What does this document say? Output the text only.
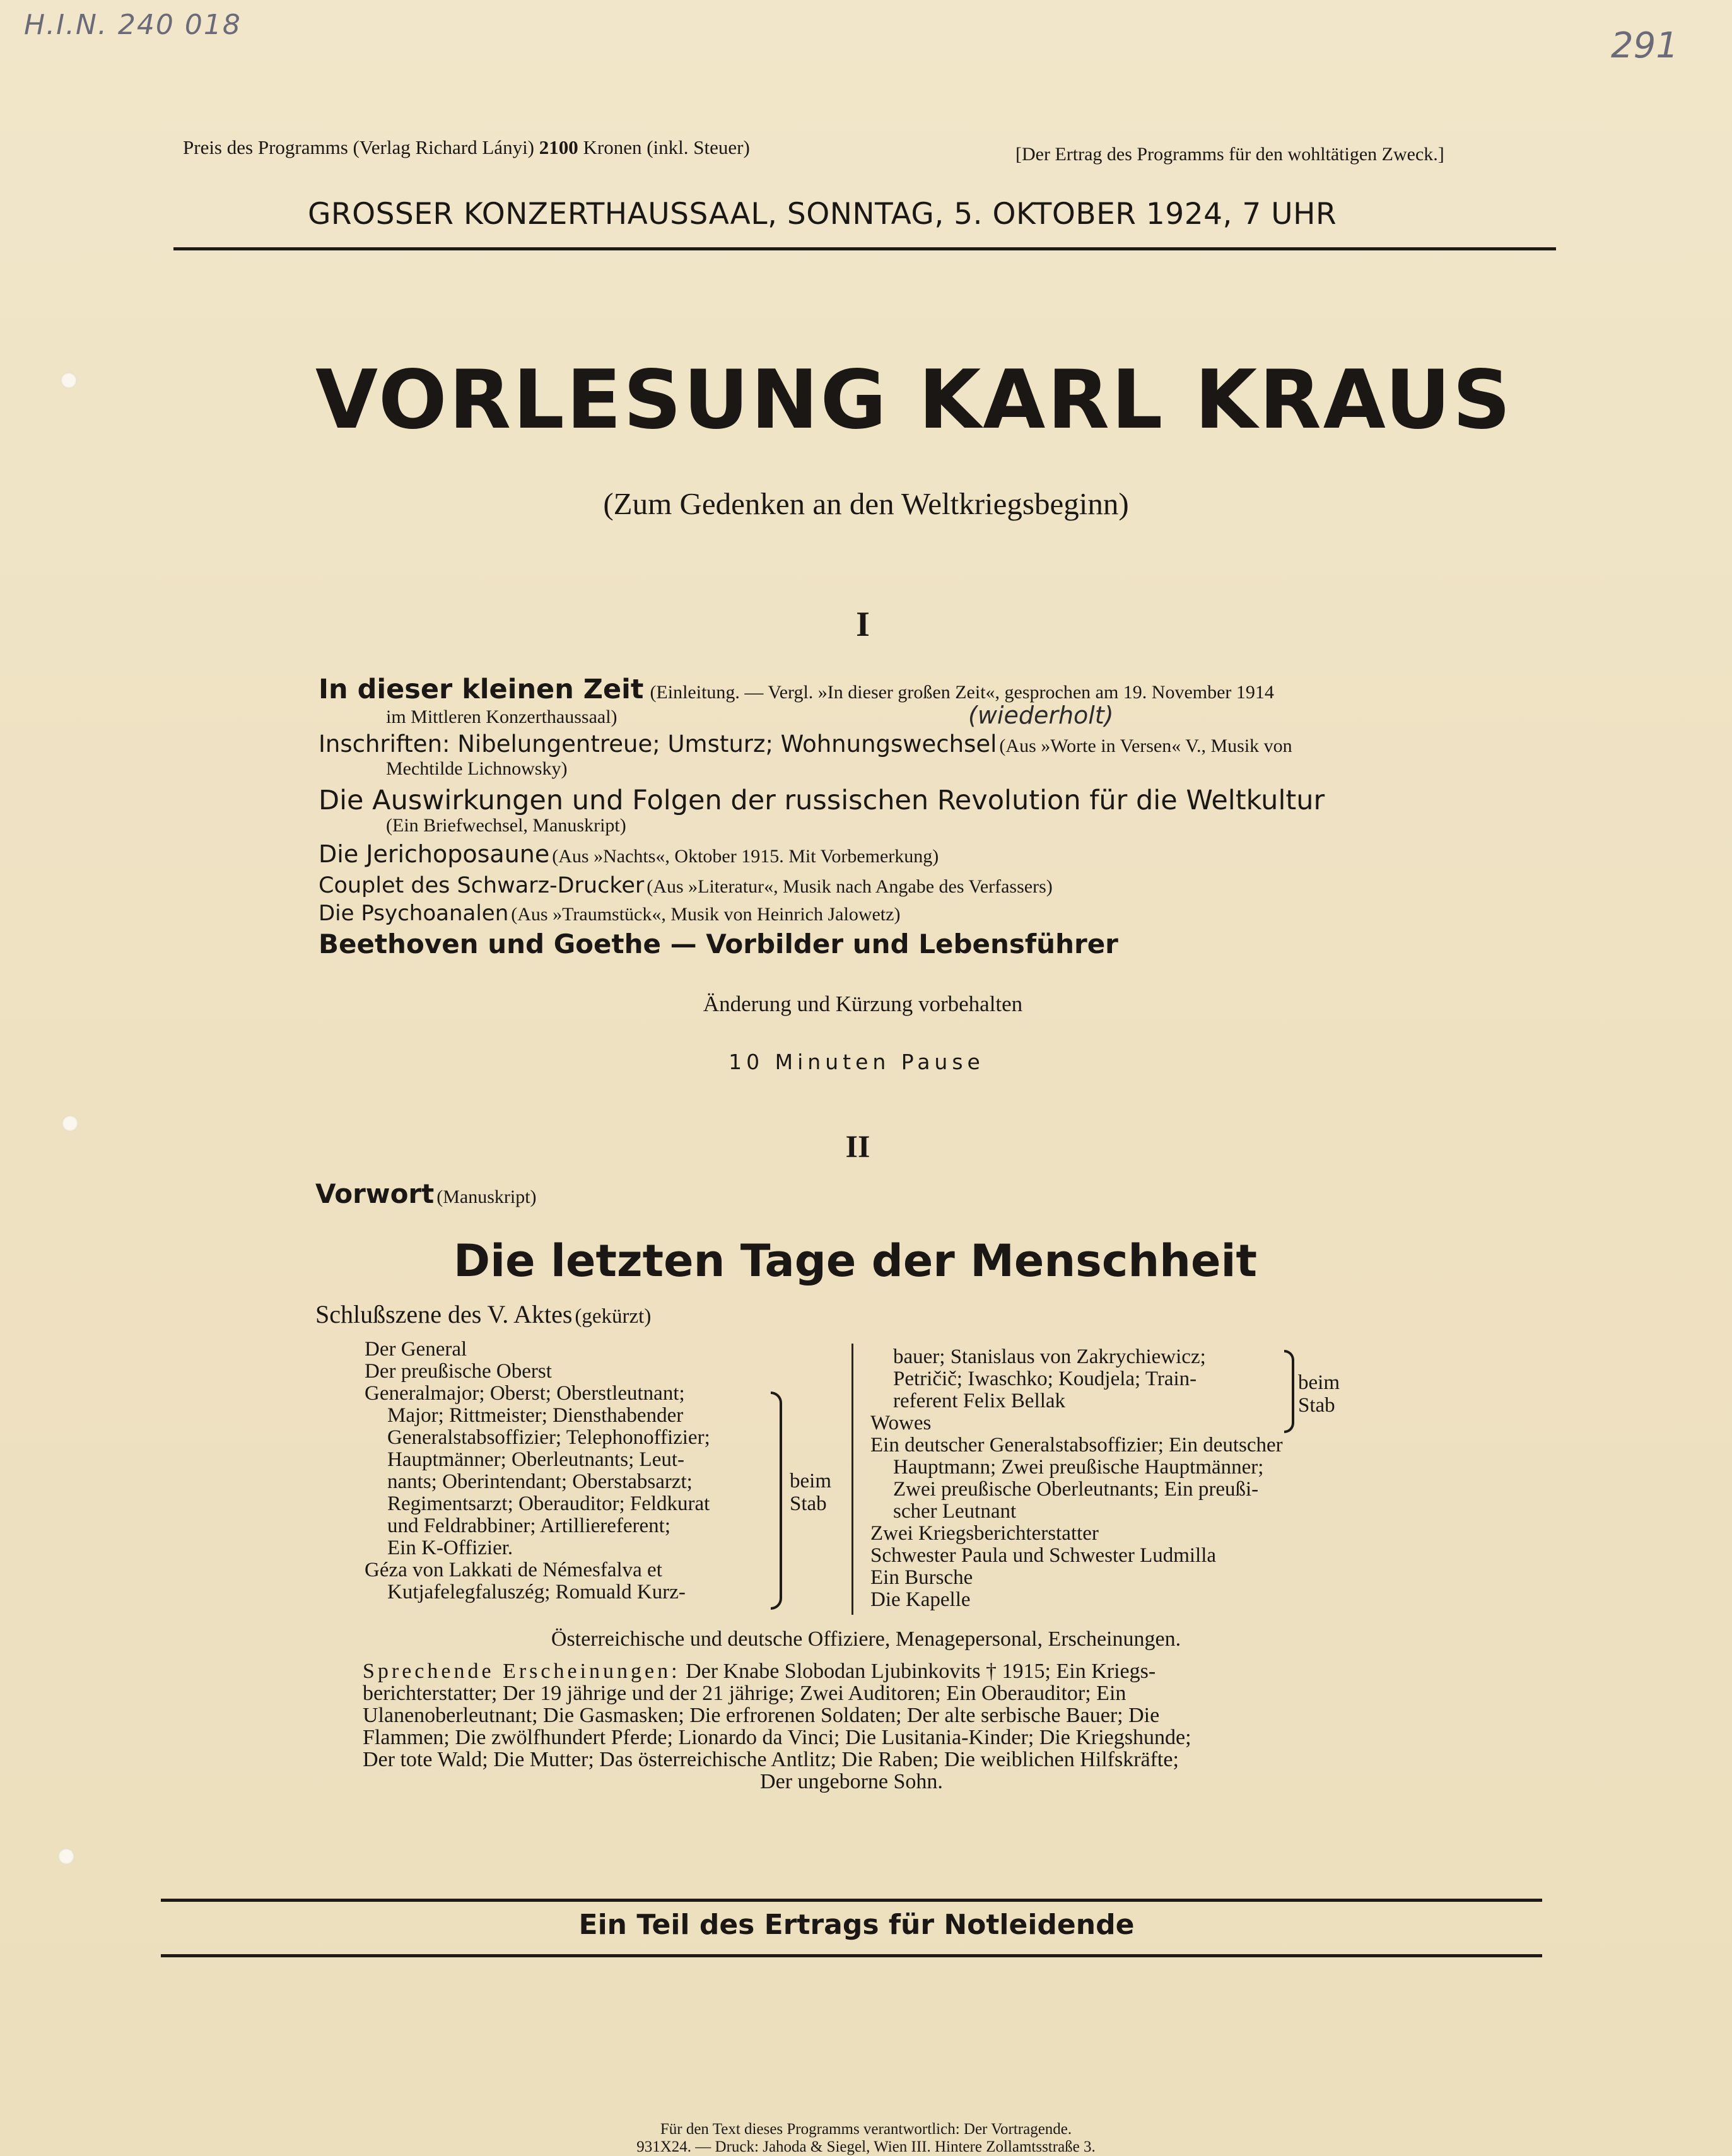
H.I.N. 240 018
291
Preis des Programms (Verlag Richard Lányi) 2100 Kronen (inkl. Steuer)	[Der Ertrag des Programms für den wohltätigen Zweck.]
GROSSER KONZERTHAUSSAAL, SONNTAG, 5. OKTOBER 1924, 7 UHR
VORLESUNG KARL KRAUS
(Zum Gedenken an den Weltkriegsbeginn)
I
In dieser kleinen Zeit (Einleitung. — Vergl. »In dieser großen Zeit«, gesprochen am 19. November 1914
im Mittleren Konzerthaussaal)	(wiederholt)
Inschriften: Nibelungentreue; Umsturz; Wohnungswechsel (Aus »Worte in Versen« V., Musik von
Mechtilde Lichnowsky)
Die Auswirkungen und Folgen der russischen Revolution für die Weltkultur
(Ein Briefwechsel, Manuskript)
Die Jerichoposaune (Aus »Nachts«, Oktober 1915. Mit Vorbemerkung)
Couplet des Schwarz-Drucker (Aus »Literatur«, Musik nach Angabe des Verfassers)
Die Psychoanalen (Aus »Traumstück«, Musik von Heinrich Jalowetz)
Beethoven und Goethe — Vorbilder und Lebensführer
Änderung und Kürzung vorbehalten
10 Minuten Pause
II
Vorwort (Manuskript)
Die letzten Tage der Menschheit
Schlußszene des V. Aktes (gekürzt)
Der General
Der preußische Oberst
Generalmajor; Oberst; Oberstleutnant;
Major; Rittmeister; Diensthabender
Generalstabsoffizier; Telephonoffizier;
Hauptmänner; Oberleutnants; Leut-
nants; Oberintendant; Oberstabsarzt;
Regimentsarzt; Oberauditor; Feldkurat
und Feldrabbiner; Artilliereferent;
Ein K-Offizier.
Géza von Lakkati de Némesfalva et
Kutjafelegfaluszég; Romuald Kurz-
beim
Stab
bauer; Stanislaus von Zakrychiewicz;
Petričič; Iwaschko; Koudjela; Train-
referent Felix Bellak
Wowes
Ein deutscher Generalstabsoffizier; Ein deutscher
Hauptmann; Zwei preußische Hauptmänner;
Zwei preußische Oberleutnants; Ein preußi-
scher Leutnant
Zwei Kriegsberichterstatter
Schwester Paula und Schwester Ludmilla
Ein Bursche
Die Kapelle
beim
Stab
Österreichische und deutsche Offiziere, Menagepersonal, Erscheinungen.
Sprechende Erscheinungen: Der Knabe Slobodan Ljubinkovits † 1915; Ein Kriegs-
berichterstatter; Der 19 jährige und der 21 jährige; Zwei Auditoren; Ein Oberauditor; Ein
Ulanenoberleutnant; Die Gasmasken; Die erfrorenen Soldaten; Der alte serbische Bauer; Die
Flammen; Die zwölfhundert Pferde; Lionardo da Vinci; Die Lusitania-Kinder; Die Kriegshunde;
Der tote Wald; Die Mutter; Das österreichische Antlitz; Die Raben; Die weiblichen Hilfskräfte;
Der ungeborne Sohn.
Ein Teil des Ertrags für Notleidende
Für den Text dieses Programms verantwortlich: Der Vortragende.
931X24. — Druck: Jahoda & Siegel, Wien III. Hintere Zollamtsstraße 3.
